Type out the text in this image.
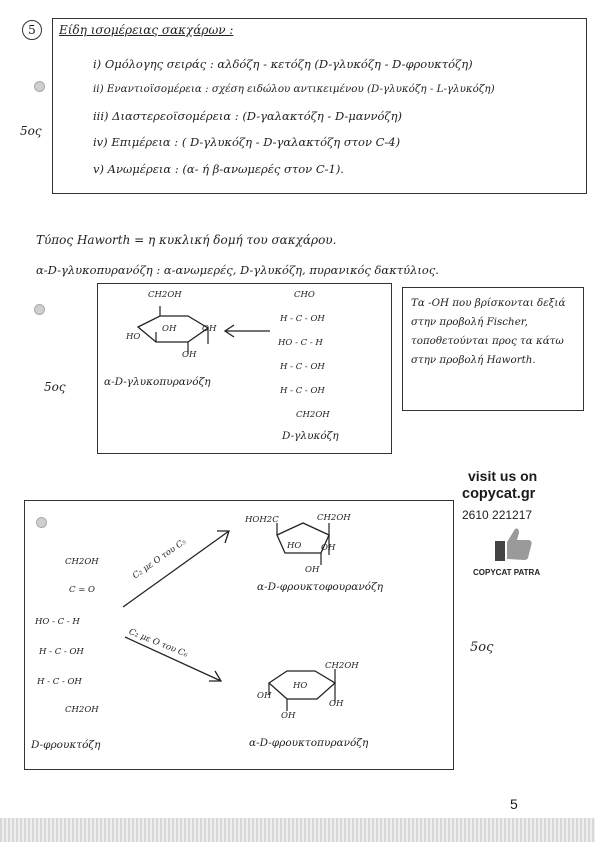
5	Είδη ισομέρειας σακχάρων :
i) Ομόλογης σειράς : αλδόζη - κετόζη (D-γλυκόζη - D-φρουκτόζη)
ii) Εναντιοϊσομέρεια : σχέση ειδώλου αντικειμένου (D-γλυκόζη - L-γλυκόζη)
iii) Διαστερεοϊσομέρεια : (D-γαλακτόζη - D-μαννόζη)
iv) Επιμέρεια : ( D-γλυκόζη - D-γαλακτόζη στον C-4)
v) Ανωμέρεια : (α- ή β-ανωμερές στον C-1).
5ος
Τύπος Haworth = η κυκλική δομή του σακχάρου.
α-D-γλυκοπυρανόζη : α-ανωμερές, D-γλυκόζη, πυρανικός δακτύλιος.
CH2OH
HO
OH	OH
OH
α-D-γλυκοπυρανόζη
CHO
H - C - OH
HO - C - H
H - C - OH
H - C - OH
CH2OH
D-γλυκόζη
5ος
Τα -OH που βρίσκονται δεξιά στην προβολή Fischer, τοποθετούνται προς τα κάτω στην προβολή Haworth.
visit us on
copycat.gr
2610 221217
COPYCAT PATRA
CH2OH
C = O
HO - C - H
H - C - OH
H - C - OH
CH2OH
D-φρουκτόζη
C₂ με O του C₅
C₂ με O του C₆
HOH2C	CH2OH
OH
HO
OH
α-D-φρουκτοφουρανόζη
CH2OH
OH
HO
OH
OH
α-D-φρουκτοπυρανόζη
5ος
5
